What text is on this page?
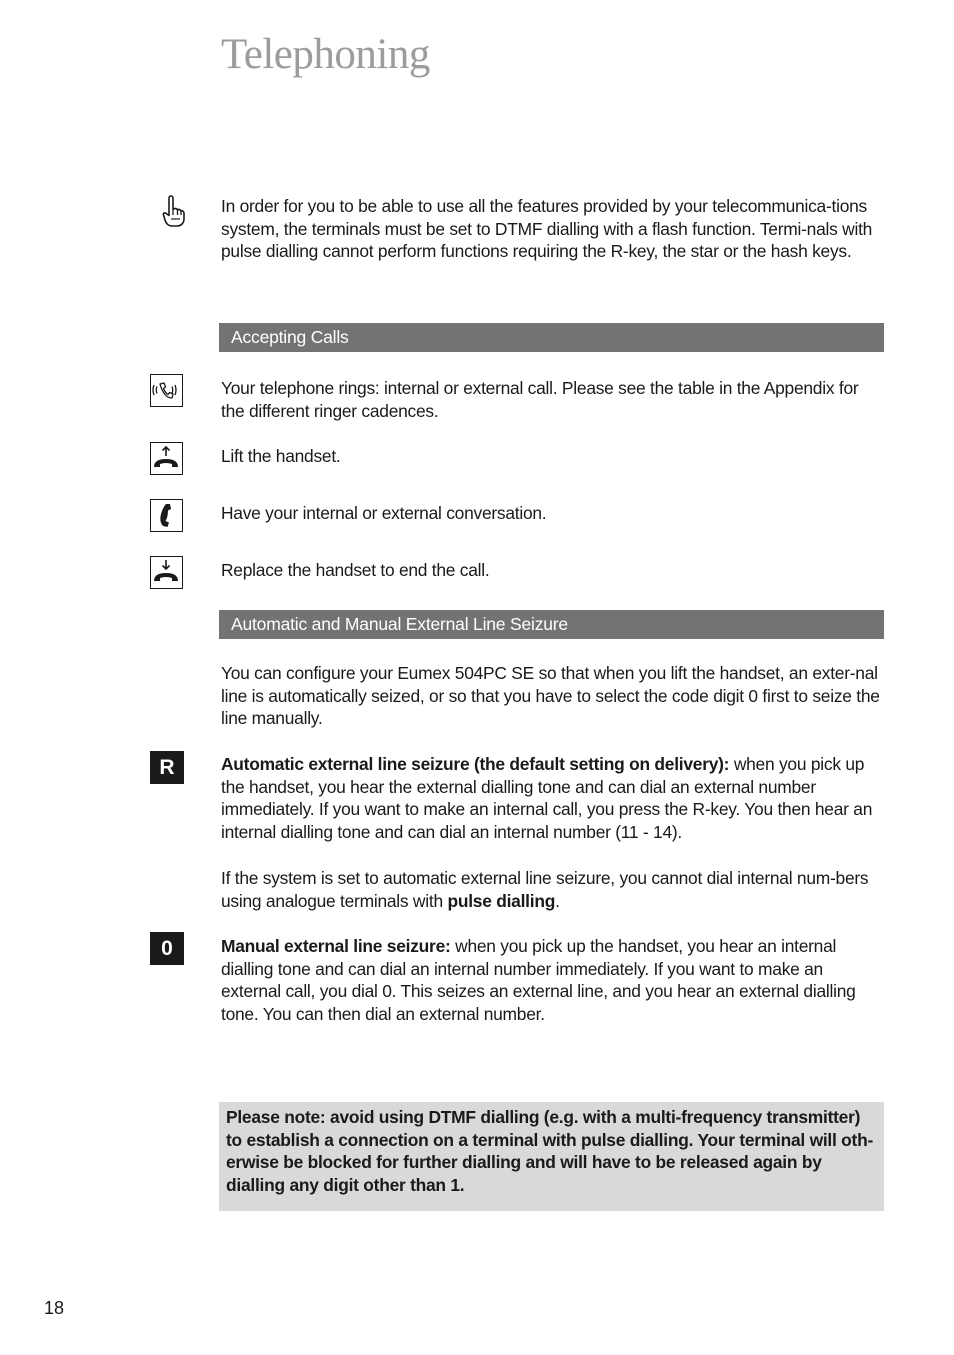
Telephoning

In order for you to be able to use all the features provided by your telecommunica-tions system, the terminals must be set to DTMF dialling with a flash function. Termi-nals with pulse dialling cannot perform functions requiring the R-key, the star or the hash keys.

Accepting Calls

Your telephone rings: internal or external call. Please see the table in the Appendix for the different ringer cadences.

Lift the handset.

Have your internal or external conversation.

Replace the handset to end the call.

Automatic and Manual External Line Seizure

You can configure your Eumex 504PC SE so that when you lift the handset, an exter-nal line is automatically seized, or so that you have to select the code digit 0 first to seize the line manually.

R	Automatic external line seizure (the default setting on delivery): when you pick up the handset, you hear the external dialling tone and can dial an external number immediately. If you want to make an internal call, you press the R-key. You then hear an internal dialling tone and can dial an internal number (11 - 14).

If the system is set to automatic external line seizure, you cannot dial internal num-bers using analogue terminals with pulse dialling.

0	Manual external line seizure: when you pick up the handset, you hear an internal dialling tone and can dial an internal number immediately. If you want to make an external call, you dial 0. This seizes an external line, and you hear an external dialling tone. You can then dial an external number.

Please note: avoid using DTMF dialling (e.g. with a multi-frequency transmitter) to establish a connection on a terminal with pulse dialling. Your terminal will oth-erwise be blocked for further dialling and will have to be released again by dialling any digit other than 1.

18
